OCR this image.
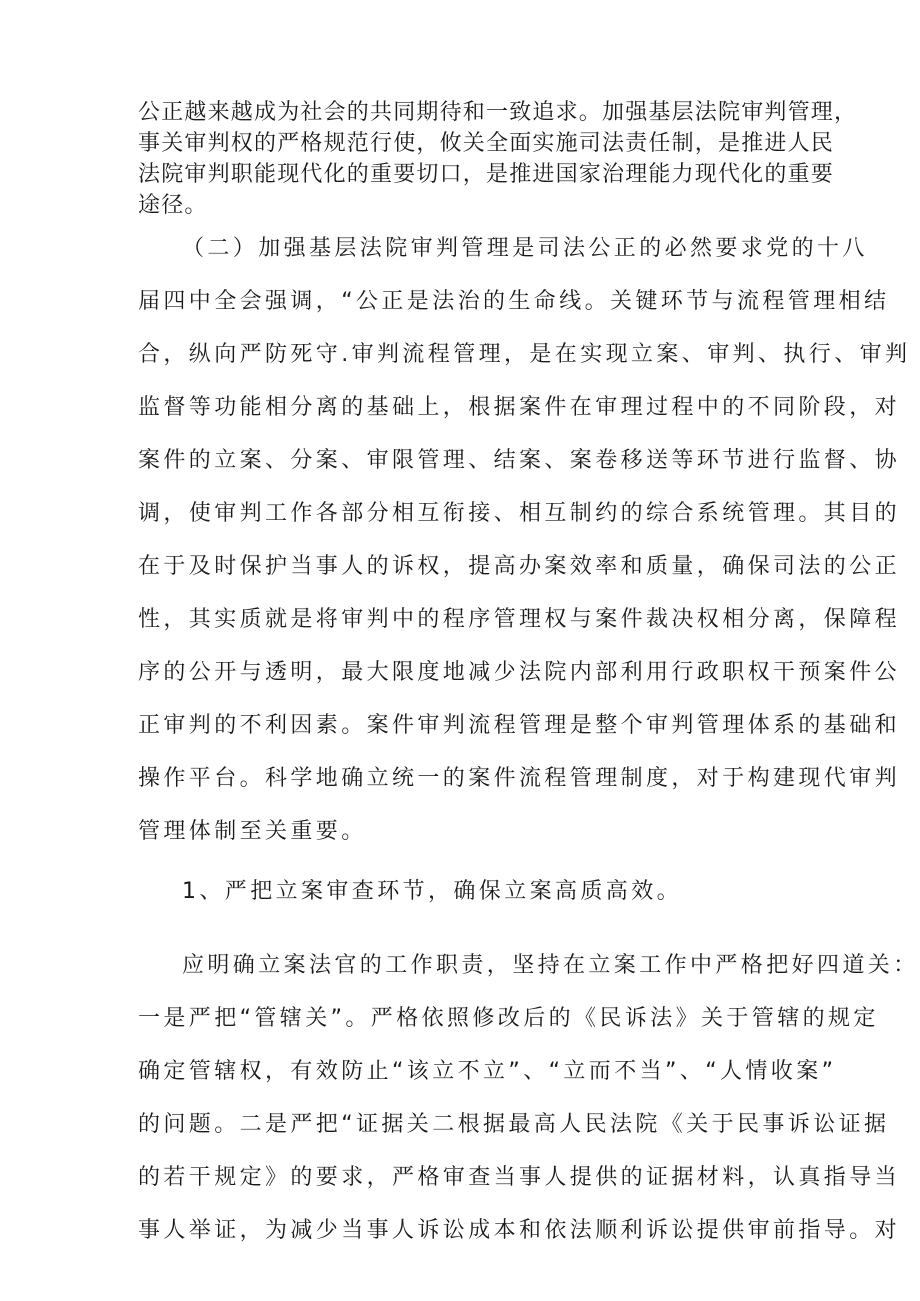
公正越来越成为社会的共同期待和一致追求。加强基层法院审判管理，
事关审判权的严格规范行使，攸关全面实施司法责任制，是推进人民
法院审判职能现代化的重要切口，是推进国家治理能力现代化的重要
途径。
（二）加强基层法院审判管理是司法公正的必然要求党的十八
届四中全会强调，“公正是法治的生命线。关键环节与流程管理相结
合，纵向严防死守.审判流程管理，是在实现立案、审判、执行、审判
监督等功能相分离的基础上，根据案件在审理过程中的不同阶段，对
案件的立案、分案、审限管理、结案、案卷移送等环节进行监督、协
调，使审判工作各部分相互衔接、相互制约的综合系统管理。其目的
在于及时保护当事人的诉权，提高办案效率和质量，确保司法的公正
性，其实质就是将审判中的程序管理权与案件裁决权相分离，保障程
序的公开与透明，最大限度地减少法院内部利用行政职权干预案件公
正审判的不利因素。案件审判流程管理是整个审判管理体系的基础和
操作平台。科学地确立统一的案件流程管理制度，对于构建现代审判
管理体制至关重要。
1、严把立案审查环节，确保立案高质高效。
应明确立案法官的工作职责，坚持在立案工作中严格把好四道关：
一是严把“管辖关”。严格依照修改后的《民诉法》关于管辖的规定
确定管辖权，有效防止“该立不立”、“立而不当”、“人情收案”
的问题。二是严把“证据关二根据最高人民法院《关于民事诉讼证据
的若干规定》的要求，严格审查当事人提供的证据材料，认真指导当
事人举证，为减少当事人诉讼成本和依法顺利诉讼提供审前指导。对
